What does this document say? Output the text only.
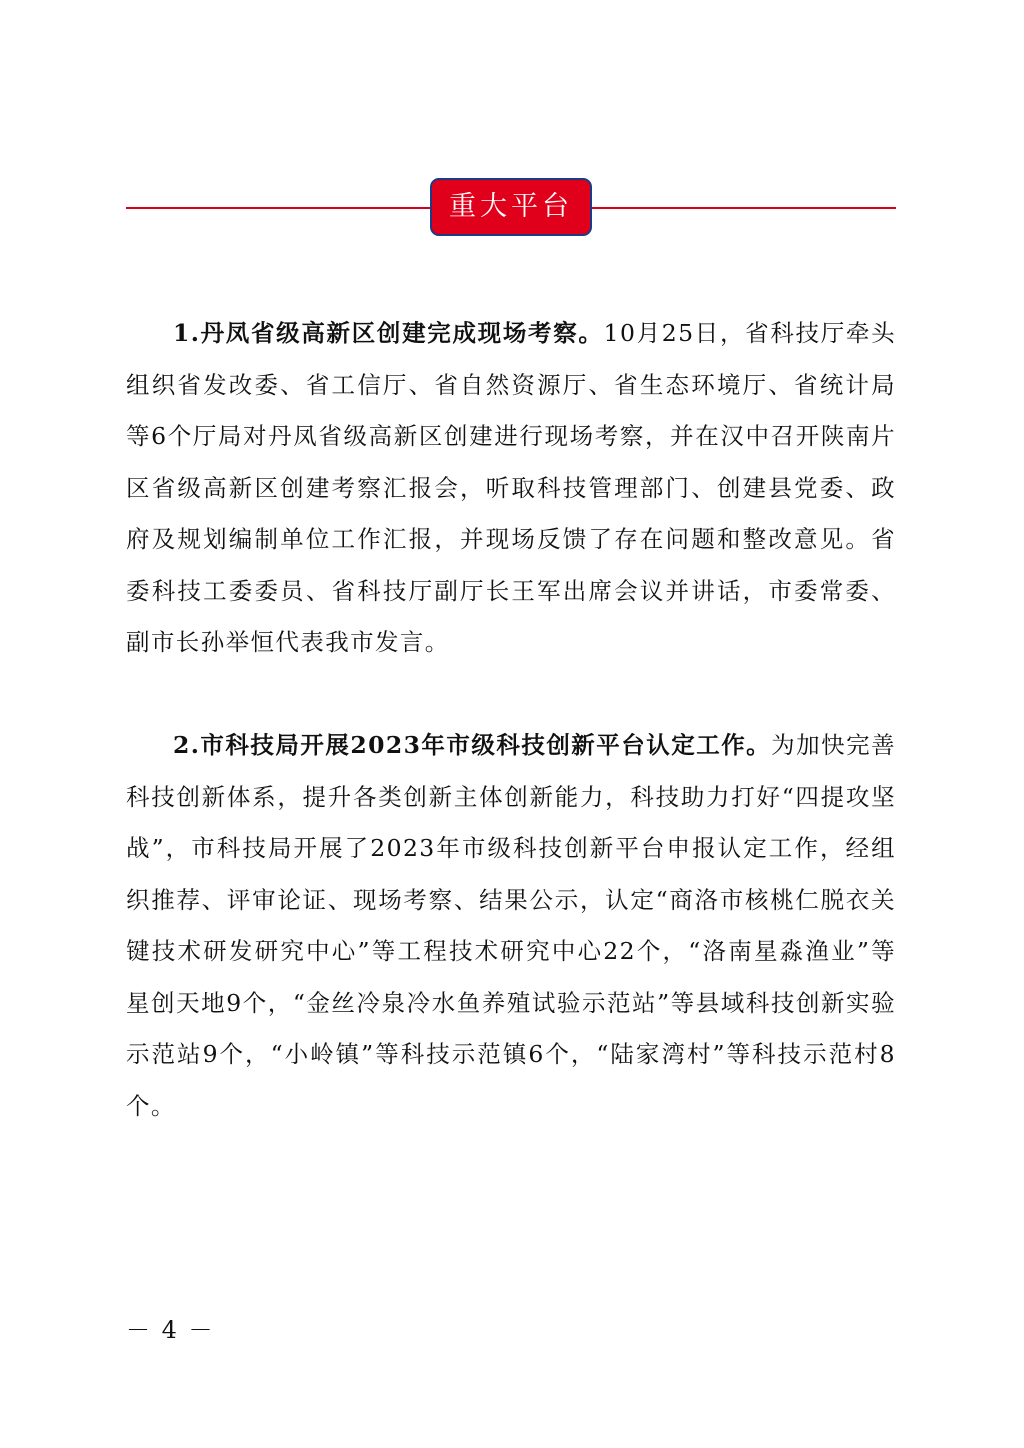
重大平台

1.丹凤省级高新区创建完成现场考察。10月25日，省科技厅牵头组织省发改委、省工信厅、省自然资源厅、省生态环境厅、省统计局等6个厅局对丹凤省级高新区创建进行现场考察，并在汉中召开陕南片区省级高新区创建考察汇报会，听取科技管理部门、创建县党委、政府及规划编制单位工作汇报，并现场反馈了存在问题和整改意见。省委科技工委委员、省科技厅副厅长王军出席会议并讲话，市委常委、副市长孙举恒代表我市发言。

2.市科技局开展2023年市级科技创新平台认定工作。为加快完善科技创新体系，提升各类创新主体创新能力，科技助力打好“四提攻坚战”，市科技局开展了2023年市级科技创新平台申报认定工作，经组织推荐、评审论证、现场考察、结果公示，认定“商洛市核桃仁脱衣关键技术研发研究中心”等工程技术研究中心22个，“洛南星淼渔业”等星创天地9个，“金丝冷泉冷水鱼养殖试验示范站”等县域科技创新实验示范站9个，“小岭镇”等科技示范镇6个，“陆家湾村”等科技示范村8个。

－ 4 －
